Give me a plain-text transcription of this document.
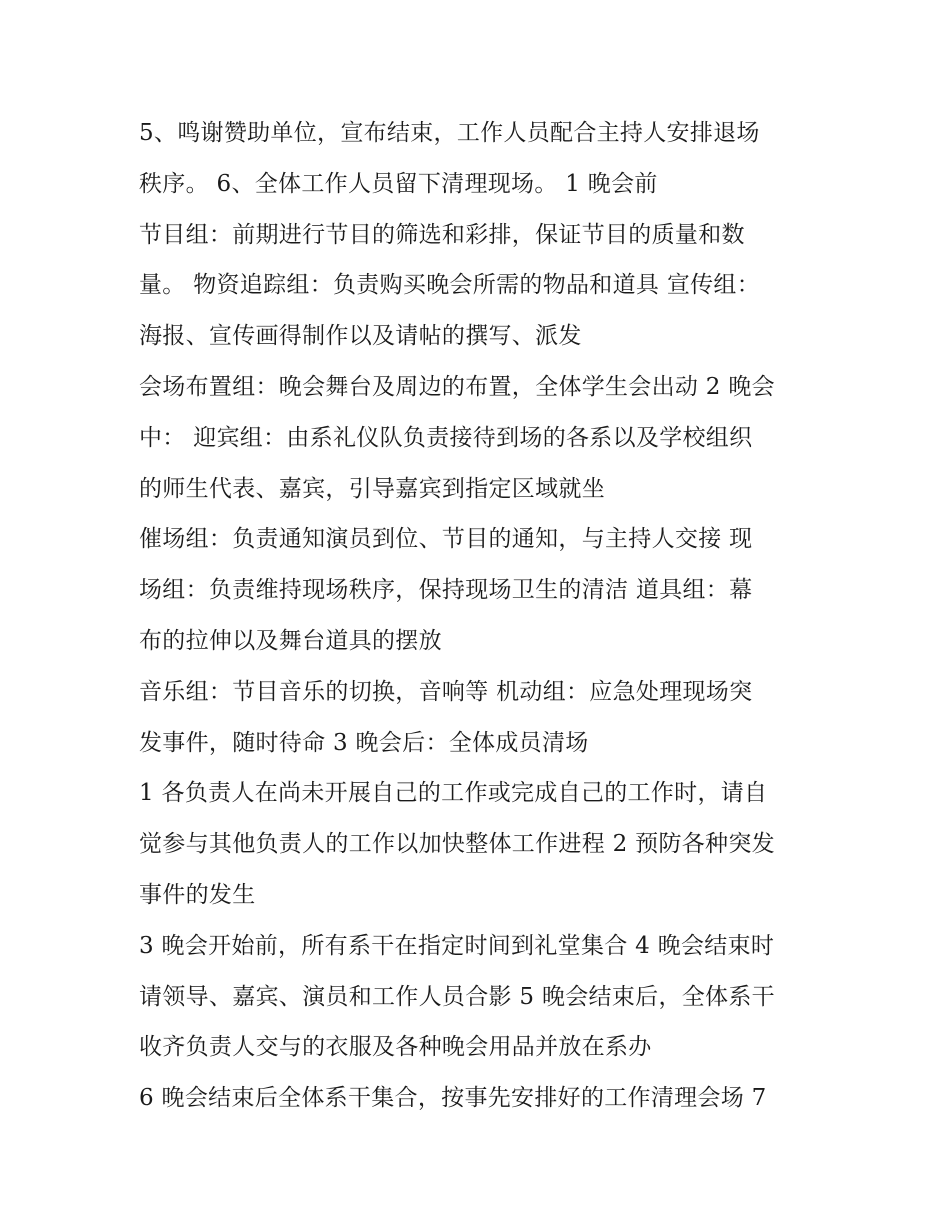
5、鸣谢赞助单位，宣布结束，工作人员配合主持人安排退场
秩序。 6、全体工作人员留下清理现场。 1 晚会前
节目组：前期进行节目的筛选和彩排，保证节目的质量和数
量。 物资追踪组：负责购买晚会所需的物品和道具 宣传组：
海报、宣传画得制作以及请帖的撰写、派发
会场布置组：晚会舞台及周边的布置，全体学生会出动 2 晚会
中： 迎宾组：由系礼仪队负责接待到场的各系以及学校组织
的师生代表、嘉宾，引导嘉宾到指定区域就坐
催场组：负责通知演员到位、节目的通知，与主持人交接 现
场组：负责维持现场秩序，保持现场卫生的清洁 道具组：幕
布的拉伸以及舞台道具的摆放
音乐组：节目音乐的切换，音响等 机动组：应急处理现场突
发事件，随时待命 3 晚会后：全体成员清场
1 各负责人在尚未开展自己的工作或完成自己的工作时，请自
觉参与其他负责人的工作以加快整体工作进程 2 预防各种突发
事件的发生
3 晚会开始前，所有系干在指定时间到礼堂集合 4 晚会结束时
请领导、嘉宾、演员和工作人员合影 5 晚会结束后，全体系干
收齐负责人交与的衣服及各种晚会用品并放在系办
6 晚会结束后全体系干集合，按事先安排好的工作清理会场 7
